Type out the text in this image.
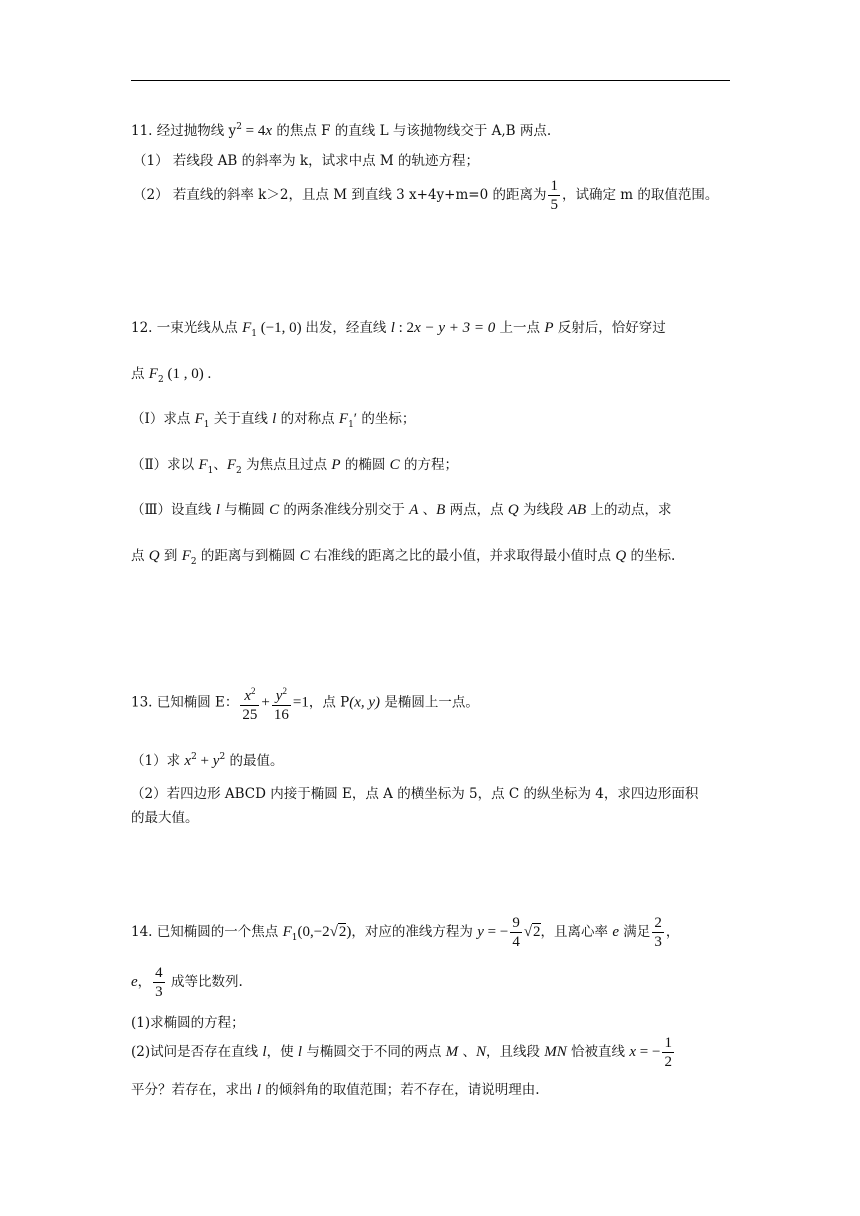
11. 经过抛物线 $y^2 = 4x$ 的焦点 F 的直线 L 与该抛物线交于 A,B 两点.
（1） 若线段 AB 的斜率为 k，试求中点 M 的轨迹方程；
（2） 若直线的斜率 k＞2，且点 M 到直线 3 x+4y+m=0 的距离为 $\frac{1}{5}$ ，试确定 m 的取值范围。
12. 一束光线从点 $F_1$ (−1, 0) 出发，经直线 l : 2x − y + 3 = 0 上一点 P 反射后，恰好穿过
点 $F_2$ (1 , 0) .
（Ⅰ）求点 $F_1$ 关于直线 l 的对称点 $F_1'$ 的坐标；
（Ⅱ）求以 $F_1$、$F_2$ 为焦点且过点 P 的椭圆 C 的方程；
（Ⅲ）设直线 l 与椭圆 C 的两条准线分别交于 A 、B 两点，点 Q 为线段 AB 上的动点，求
点 Q 到 $F_2$ 的距离与到椭圆 C 右准线的距离之比的最小值，并求取得最小值时点 Q 的坐标.
13. 已知椭圆 E： $\frac{x^2}{25} + \frac{y^2}{16} =1$，点 P(x, y) 是椭圆上一点。
（1）求 $x^2 + y^2$ 的最值。
（2）若四边形 ABCD 内接于椭圆 E，点 A 的横坐标为 5，点 C 的纵坐标为 4，求四边形面积
的最大值。
14. 已知椭圆的一个焦点 $F_1(0,-2√2)$，对应的准线方程为 y = − $\frac{9}{4} √2$，且离心率 e 满足 $\frac{2}{3}$ ，
e， $\frac{4}{3}$ 成等比数列.
(1)求椭圆的方程；
(2)试问是否存在直线 l，使 l 与椭圆交于不同的两点 M 、N，且线段 MN 恰被直线 x = − $\frac{1}{2}$
平分？若存在，求出 l 的倾斜角的取值范围；若不存在，请说明理由.
